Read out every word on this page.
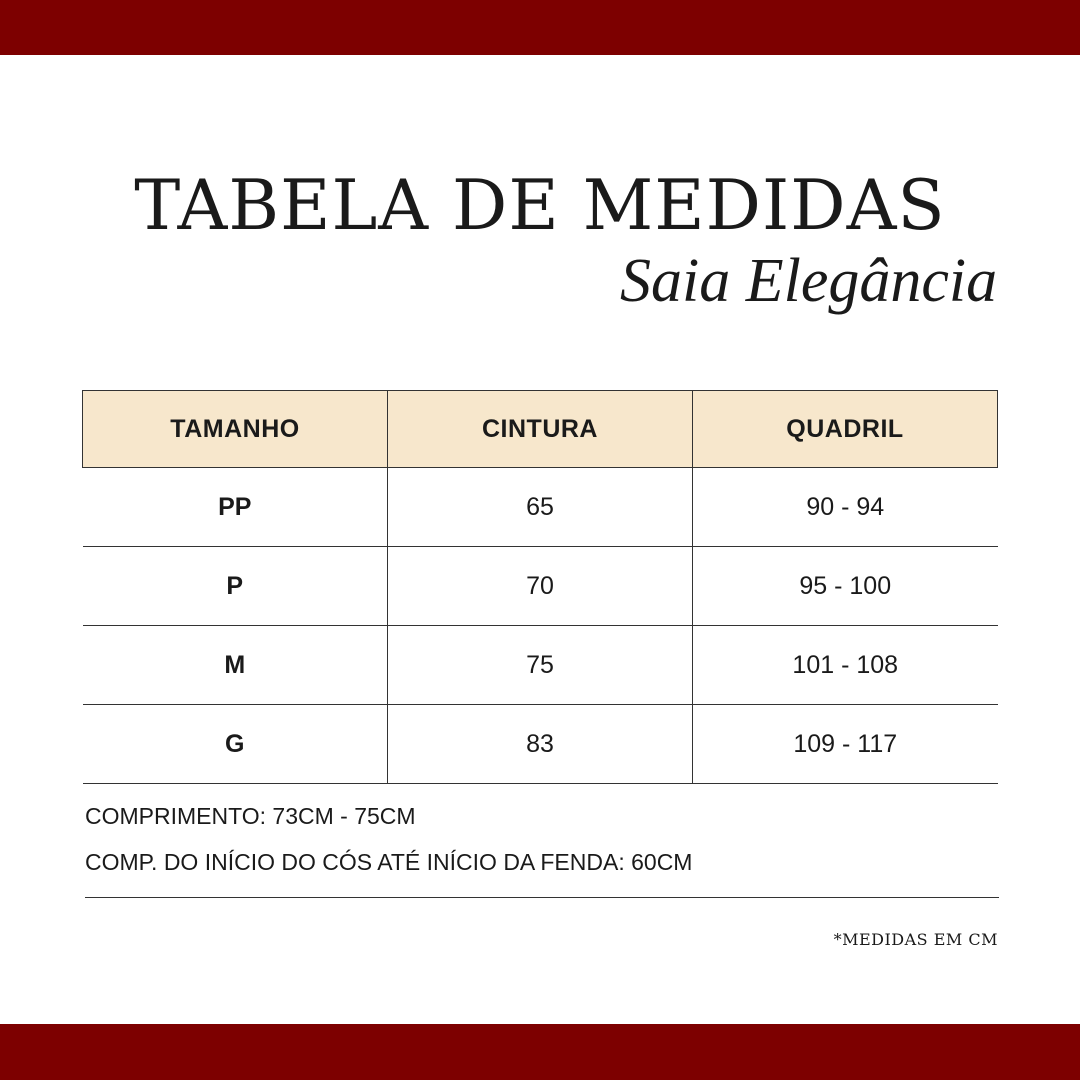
TABELA DE MEDIDAS
Saia Elegância
TAMANHO	CINTURA	QUADRIL
PP	65	90 - 94
P	70	95 - 100
M	75	101 - 108
G	83	109 - 117
COMPRIMENTO: 73CM - 75CM
COMP. DO INÍCIO DO CÓS ATÉ INÍCIO DA FENDA: 60CM
*MEDIDAS EM CM
